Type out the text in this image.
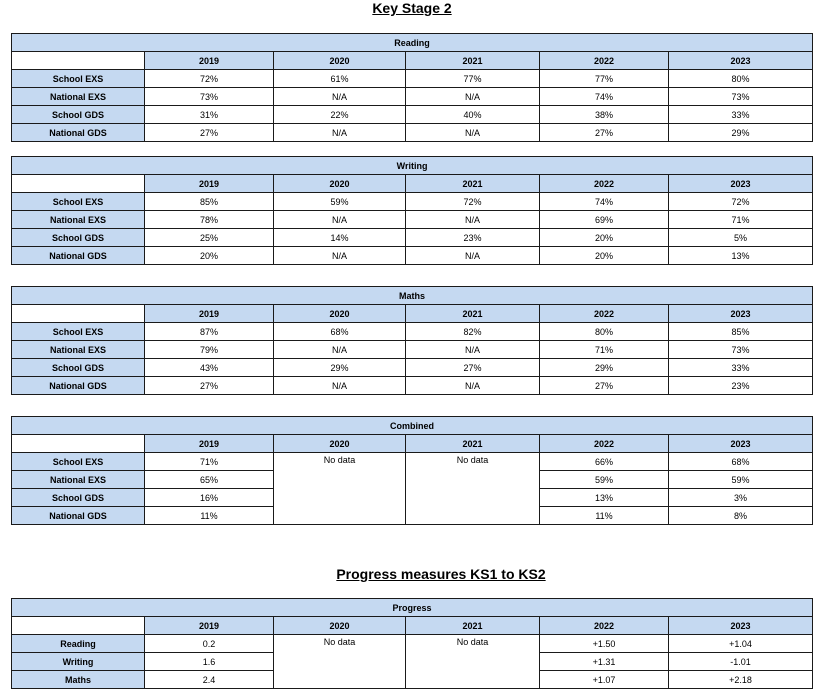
Key Stage 2
Reading					
	2019	2020	2021	2022	2023
School EXS	72%	61%	77%	77%	80%
National EXS	73%	N/A	N/A	74%	73%
School GDS	31%	22%	40%	38%	33%
National GDS	27%	N/A	N/A	27%	29%
Writing					
	2019	2020	2021	2022	2023
School EXS	85%	59%	72%	74%	72%
National EXS	78%	N/A	N/A	69%	71%
School GDS	25%	14%	23%	20%	5%
National GDS	20%	N/A	N/A	20%	13%
Maths					
	2019	2020	2021	2022	2023
School EXS	87%	68%	82%	80%	85%
National EXS	79%	N/A	N/A	71%	73%
School GDS	43%	29%	27%	29%	33%
National GDS	27%	N/A	N/A	27%	23%
Combined					
	2019	2020	2021	2022	2023
School EXS	71%	No data	No data	66%	68%
National EXS	65%			59%	59%
School GDS	16%			13%	3%
National GDS	11%			11%	8%
Progress measures KS1 to KS2
Progress					
	2019	2020	2021	2022	2023
Reading	0.2	No data	No data	+1.50	+1.04
Writing	1.6			+1.31	-1.01
Maths	2.4			+1.07	+2.18
